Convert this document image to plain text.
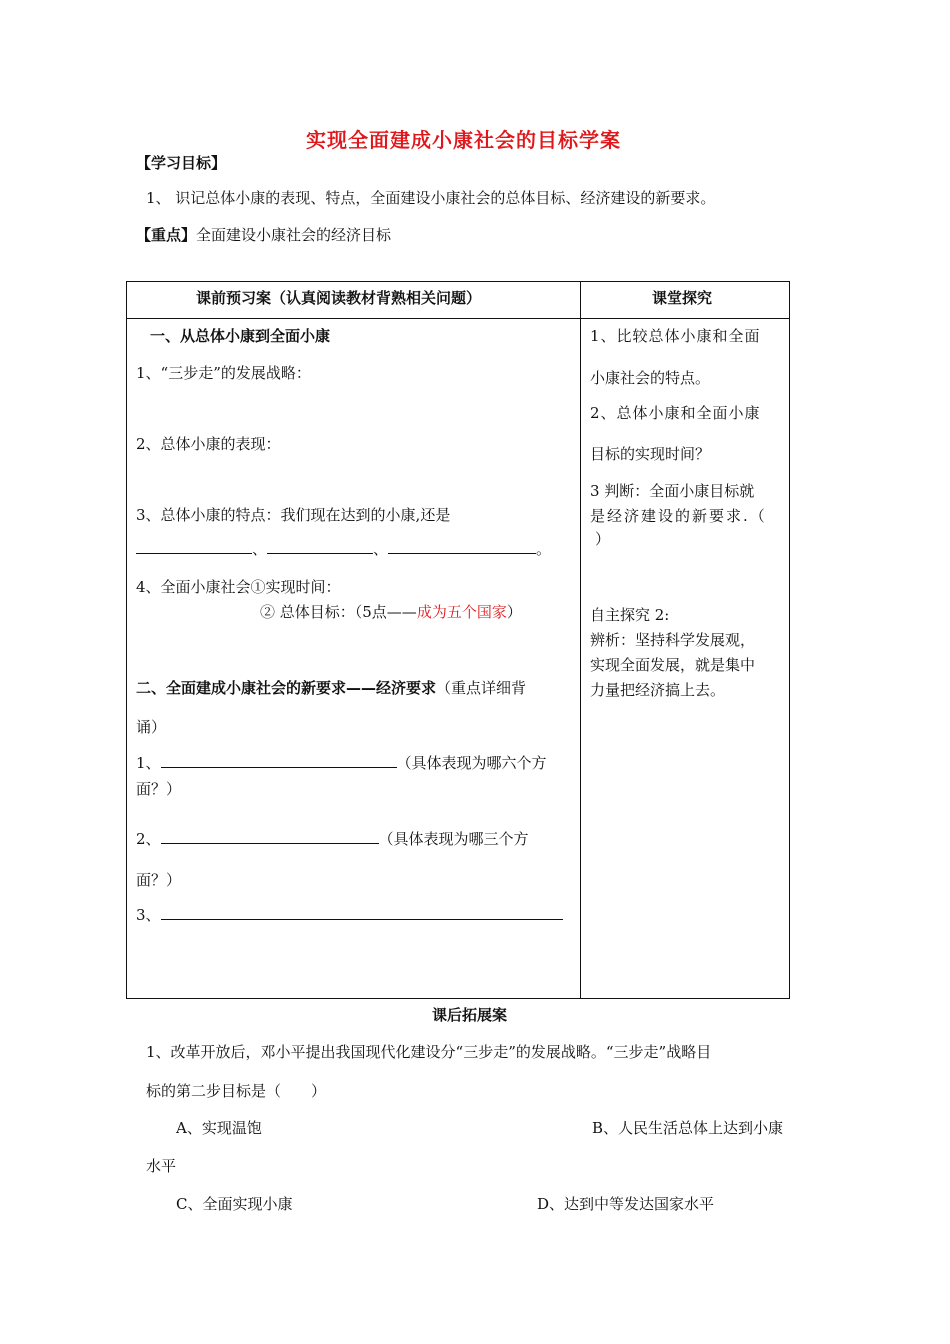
实现全面建成小康社会的目标学案
【学习目标】
1、 识记总体小康的表现、特点，全面建设小康社会的总体目标、经济建设的新要求。
【重点】全面建设小康社会的经济目标
课前预习案（认真阅读教材背熟相关问题）	课堂探究
一、从总体小康到全面小康
1、“三步走”的发展战略：
2、总体小康的表现：
3、总体小康的特点：我们现在达到的小康,还是
、	、	。
4、全面小康社会①实现时间：
② 总体目标：（5点——成为五个国家）
二、全面建成小康社会的新要求——经济要求（重点详细背
诵）
1、	（具体表现为哪六个方
面？）
2、	（具体表现为哪三个方
面？）
3、
1、比较总体小康和全面
小康社会的特点。
2、总体小康和全面小康
目标的实现时间？
3 判断：全面小康目标就
是经济建设的新要求.（
）
自主探究 2:
辨析：坚持科学发展观，
实现全面发展，就是集中
力量把经济搞上去。
课后拓展案
1、改革开放后，邓小平提出我国现代化建设分“三步走”的发展战略。“三步走”战略目
标的第二步目标是（　　）
A、实现温饱	B、人民生活总体上达到小康
水平
C、全面实现小康	D、达到中等发达国家水平
